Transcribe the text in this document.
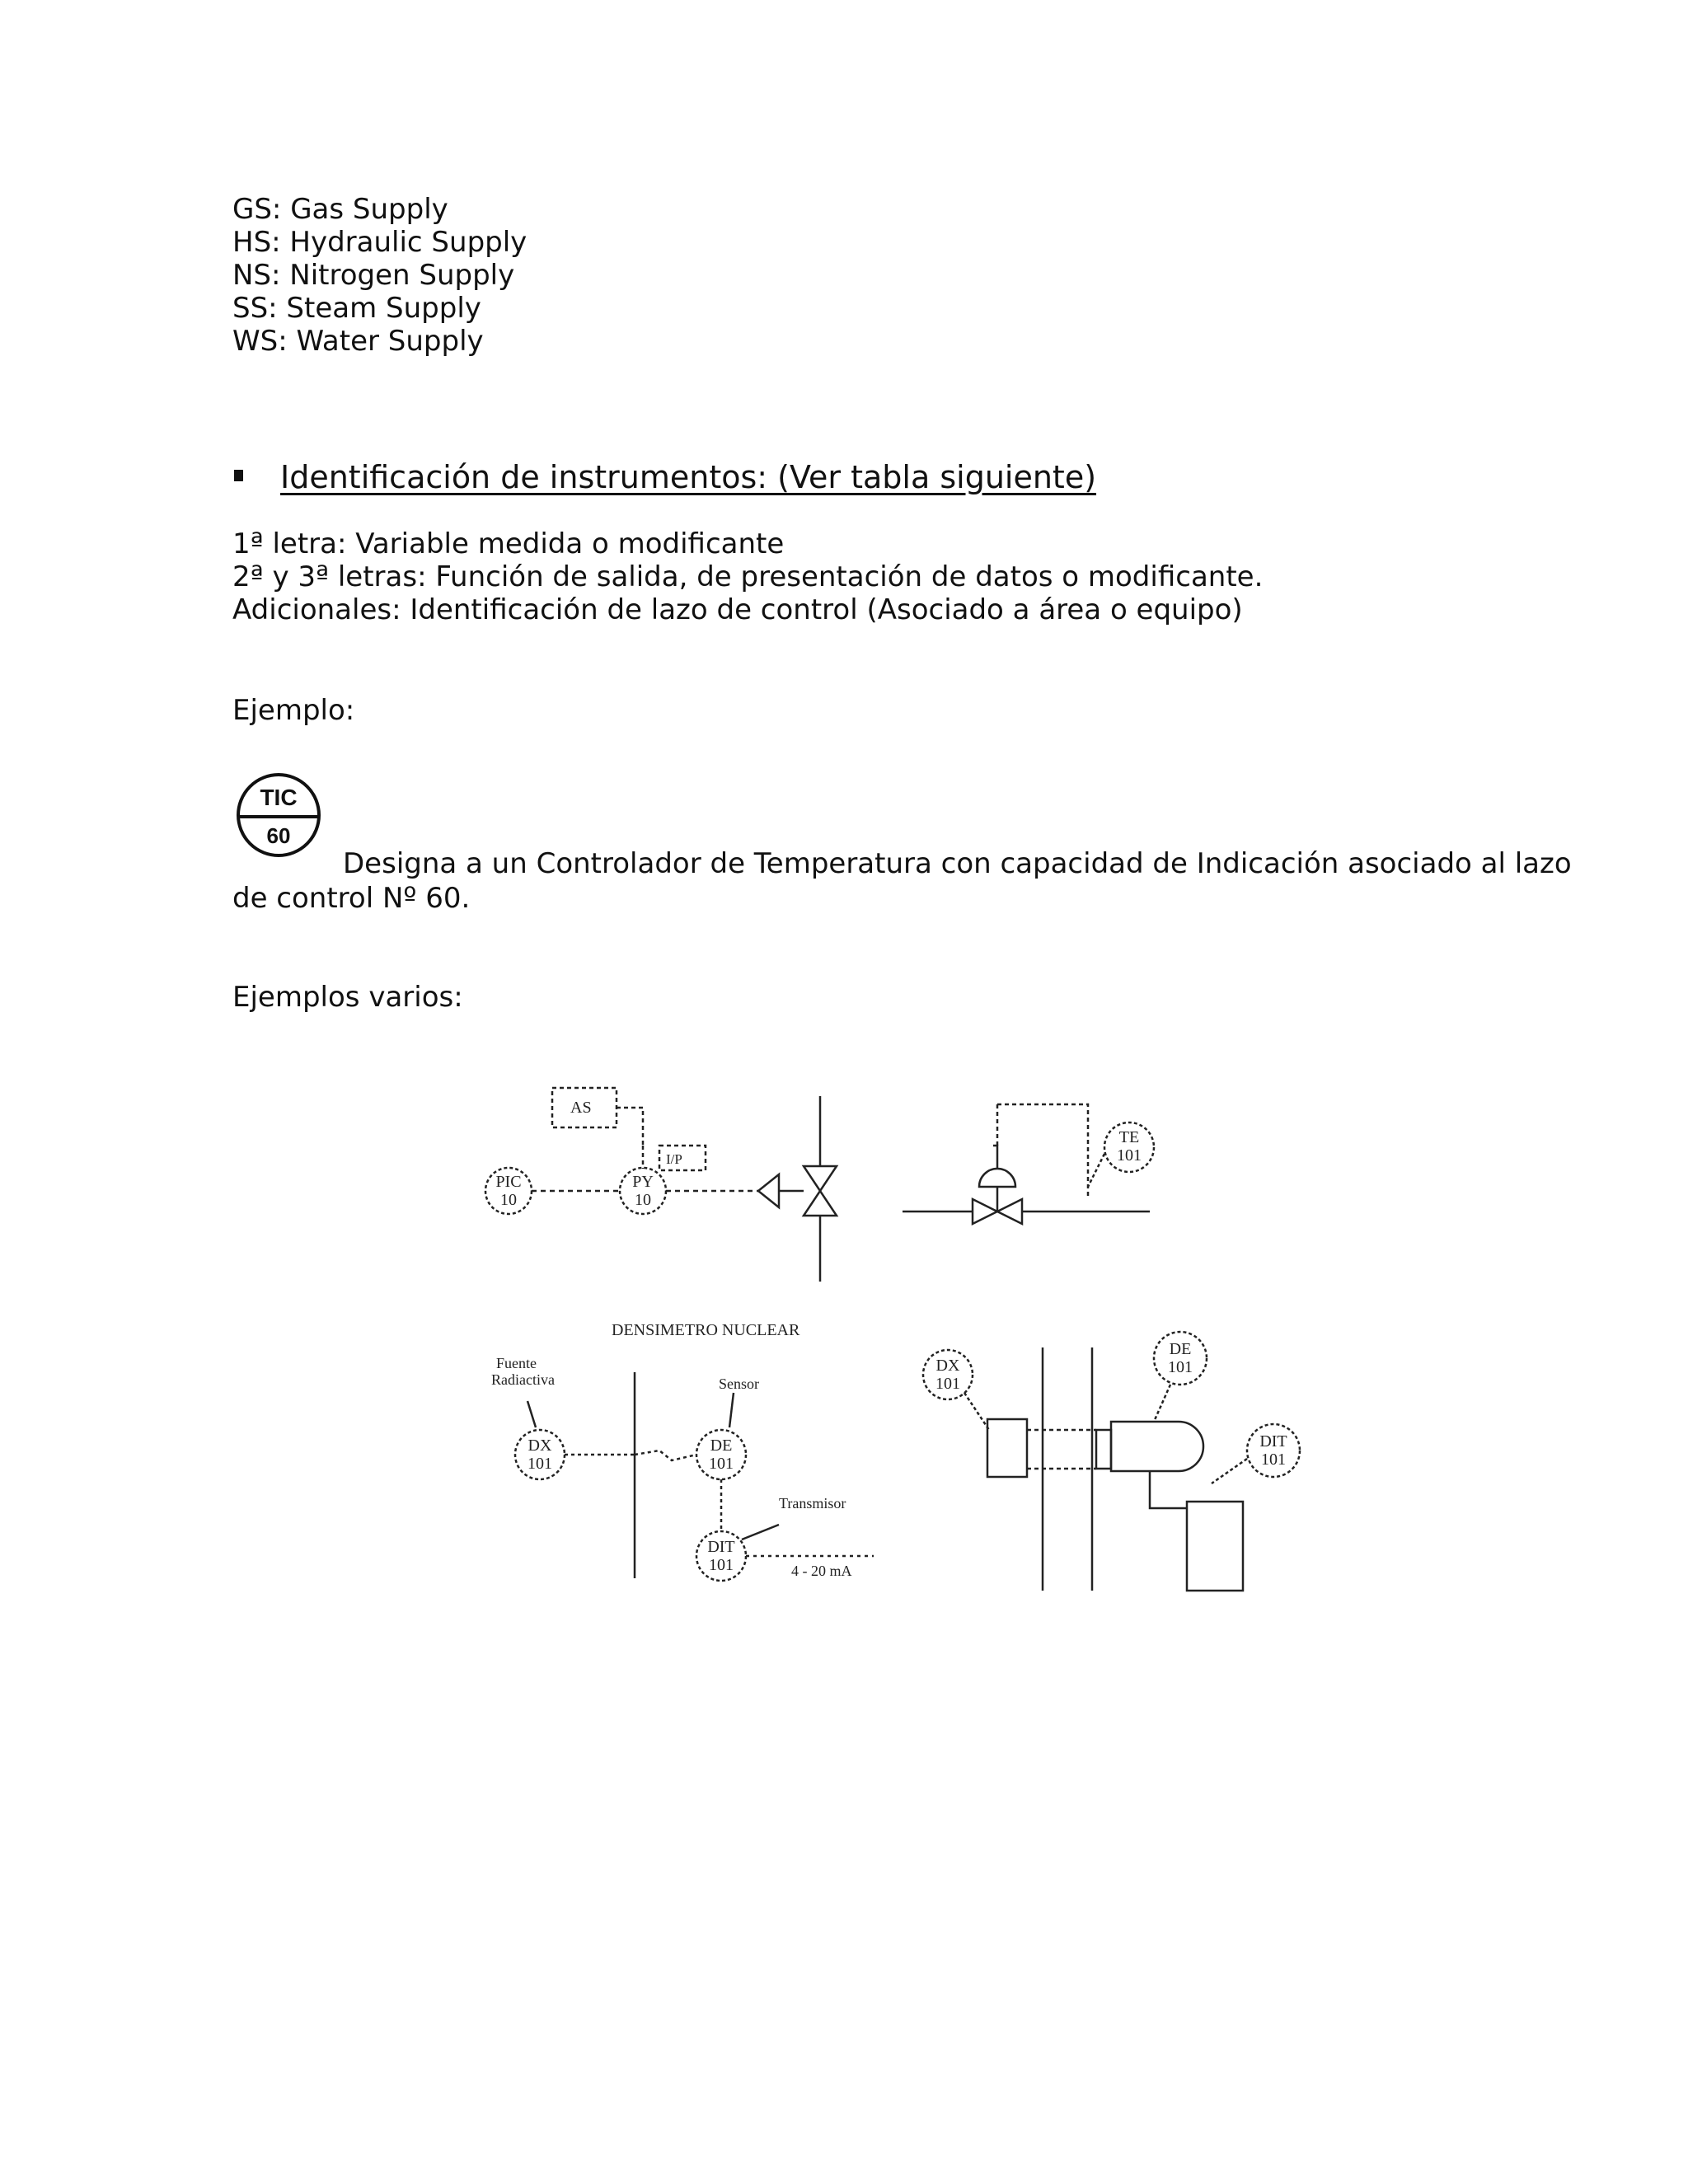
GS: Gas Supply
HS: Hydraulic Supply
NS: Nitrogen Supply
SS: Steam Supply
WS: Water Supply
Identificación de instrumentos: (Ver tabla siguiente)
1ª letra: Variable medida o modificante
2ª y 3ª letras: Función de salida, de presentación de datos o modificante.
Adicionales: Identificación de lazo de control (Asociado a área o equipo)
Ejemplo:
TIC
60
Designa a un Controlador de Temperatura con capacidad de Indicación asociado al lazo
de control Nº 60.
Ejemplos varios:
AS
I/P
PIC
10
PY
10
TE
101
DENSIMETRO NUCLEAR
Fuente
Radiactiva	Sensor
Transmisor
4 - 20 mA
DX
101
DE
101
DIT
101
DX
101
DE
101
DIT
101
